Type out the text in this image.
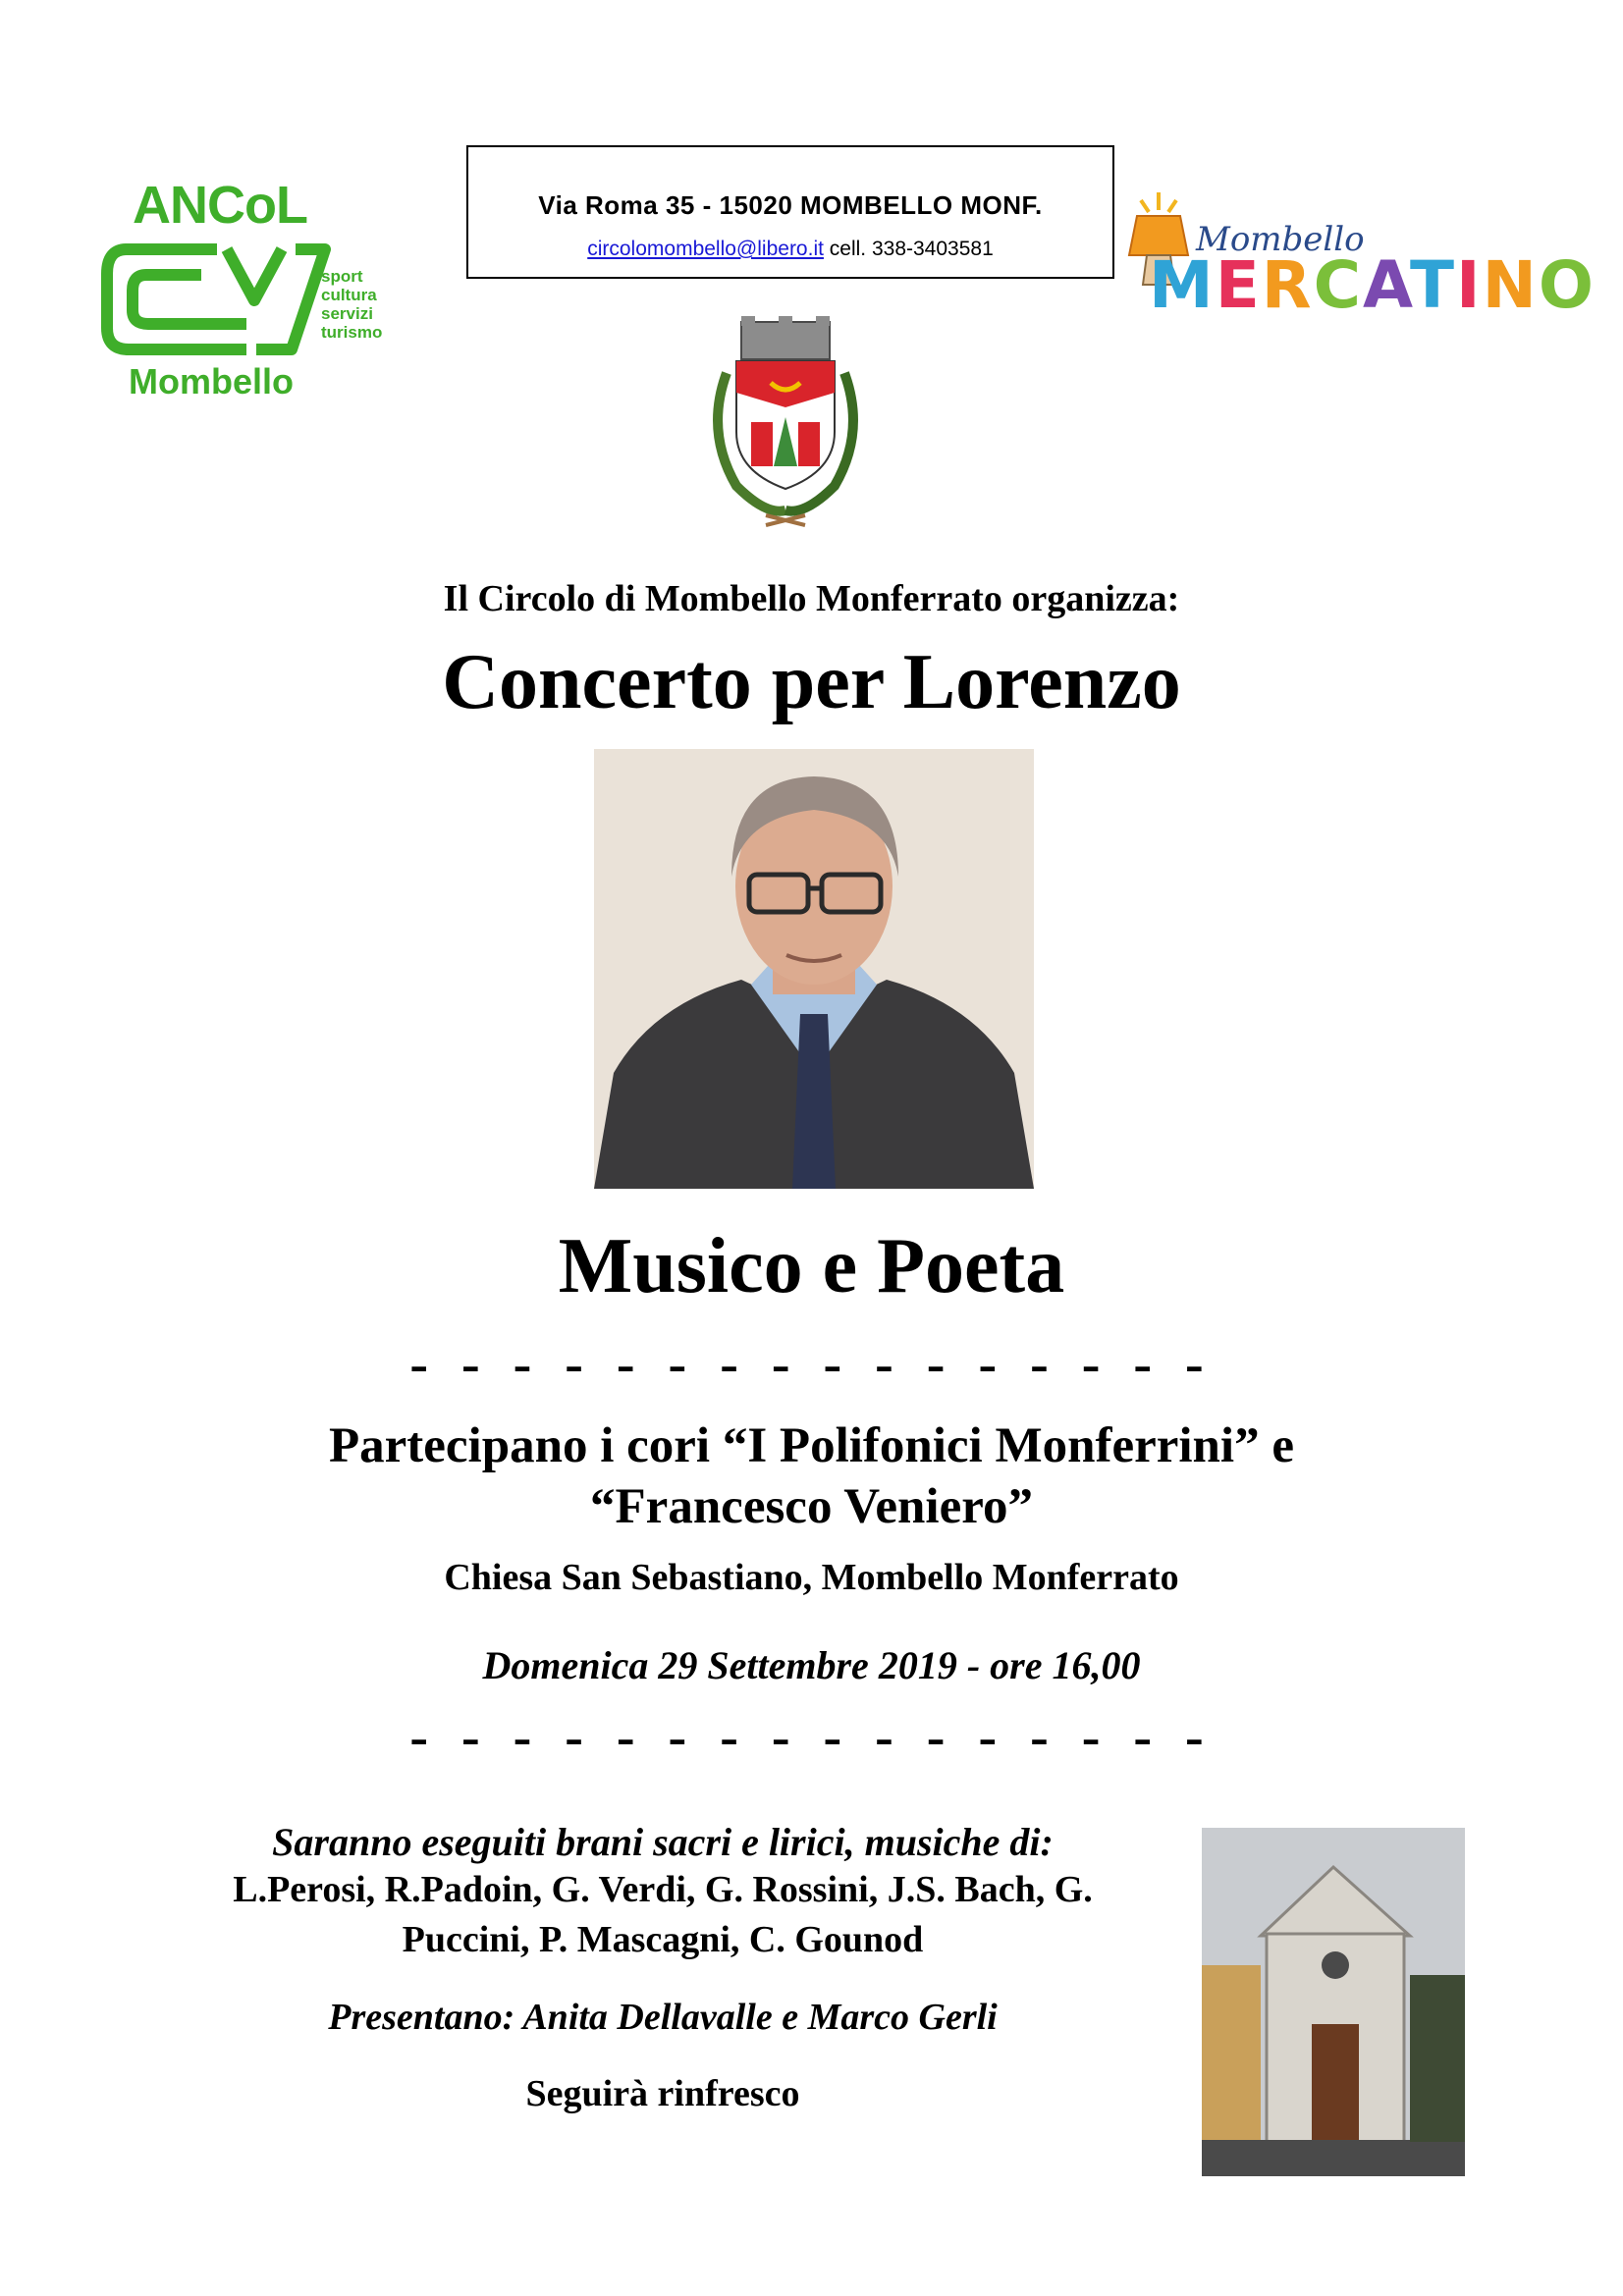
ANCoL
sport
cultura
servizi
turismo
Mombello
Via Roma 35 - 15020 MOMBELLO MONF.
circolomombello@libero.it cell. 338-3403581	Mombello
MERCATINO
Il Circolo di Mombello Monferrato organizza:
Concerto per Lorenzo
Musico e Poeta
- - - - - - - - - - - - - - - -
Partecipano i cori “I Polifonici Monferrini” e
“Francesco Veniero”
Chiesa San Sebastiano, Mombello Monferrato
Domenica 29 Settembre 2019 - ore 16,00
- - - - - - - - - - - - - - - -
Saranno eseguiti brani sacri e lirici, musiche di:
L.Perosi, R.Padoin, G. Verdi, G. Rossini, J.S. Bach, G.
Puccini, P. Mascagni, C. Gounod
Presentano: Anita Dellavalle e Marco Gerli
Seguirà rinfresco
